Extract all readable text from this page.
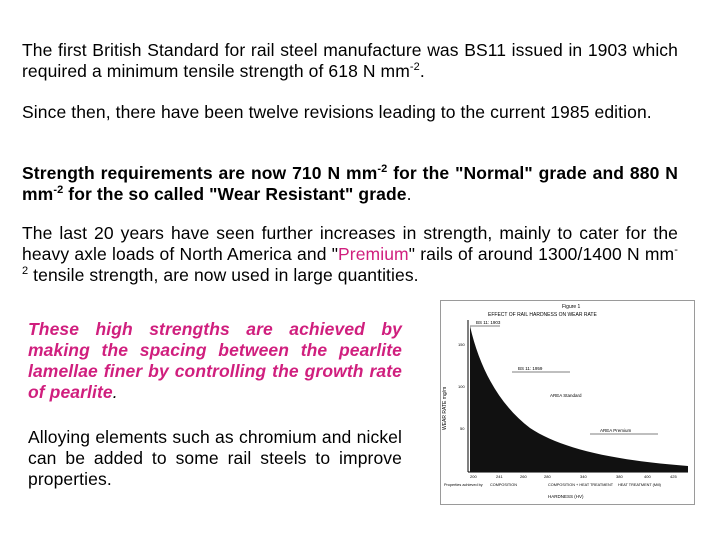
The first British Standard for rail steel manufacture was BS11 issued in 1903 which required a minimum tensile strength of 618 N $mm^{-2}$.

Since then, there have been twelve revisions leading to the current 1985 edition.

Strength requirements are now 710 N $mm^{-2}$ for the "Normal" grade and 880 N $mm^{-2}$ for the so called "Wear Resistant" grade.

The last 20 years have seen further increases in strength, mainly to cater for the heavy axle loads of North America and "Premium" rails of around 1300/1400 N $mm^{-2}$ tensile strength, are now used in large quantities.

These high strengths are achieved by making the spacing between the pearlite lamellae finer by controlling the growth rate of pearlite.

Alloying elements such as chromium and nickel can be added to some rail steels to improve properties.

Figure 1
EFFECT OF RAIL HARDNESS ON WEAR RATE
WEAR RATE mg/m
150
100
50
BS 11: 1903
BS 11: 1959
AREA Standard
AREA Premium
200	241	260	280	340	380	400	425
Properties achieved by COMPOSITION	COMPOSITION + HEAT TREATMENT HEAT TREATMENT (Mill)
HARDNESS (HV)
